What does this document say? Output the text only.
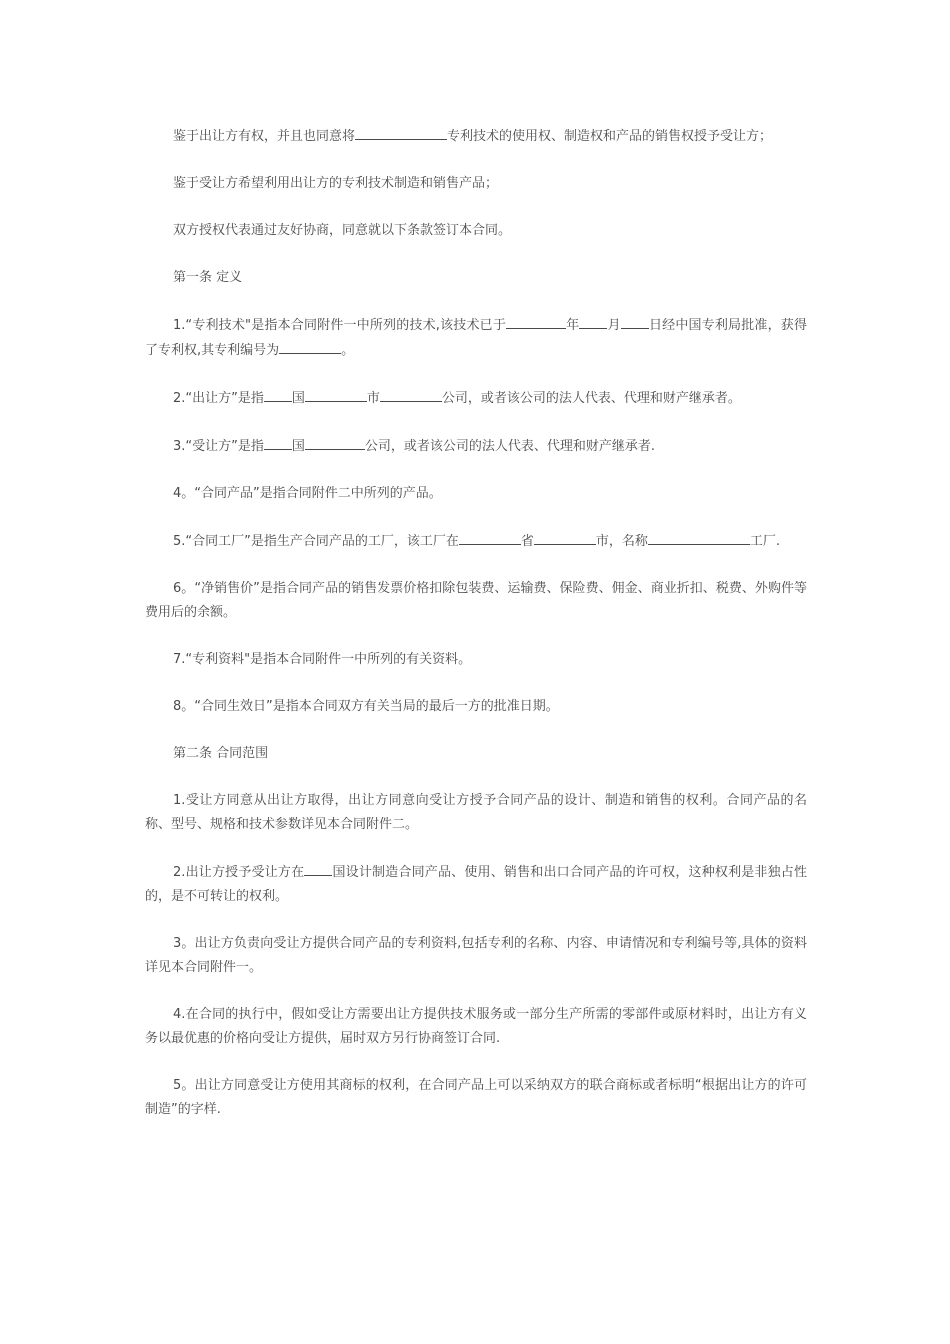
鉴于出让方有权，并且也同意将	专利技术的使用权、制造权和产品的销售权授予受让方；

鉴于受让方希望利用出让方的专利技术制造和销售产品；

双方授权代表通过友好协商，同意就以下条款签订本合同。

第一条 定义

1.“专利技术"是指本合同附件一中所列的技术,该技术已于	年 月 日经中国专利局批准，获得了专利权,其专利编号为	。

2.“出让方”是指 国	市	公司，或者该公司的法人代表、代理和财产继承者。

3.“受让方”是指 国	公司，或者该公司的法人代表、代理和财产继承者.

4。“合同产品”是指合同附件二中所列的产品。

5.“合同工厂”是指生产合同产品的工厂，该工厂在	省	市，名称	工厂.

6。“净销售价”是指合同产品的销售发票价格扣除包装费、运输费、保险费、佣金、商业折扣、税费、外购件等费用后的余额。

7.“专利资料"是指本合同附件一中所列的有关资料。

8。“合同生效日”是指本合同双方有关当局的最后一方的批准日期。

第二条 合同范围

1.受让方同意从出让方取得，出让方同意向受让方授予合同产品的设计、制造和销售的权利。合同产品的名称、型号、规格和技术参数详见本合同附件二。

2.出让方授予受让方在 国设计制造合同产品、使用、销售和出口合同产品的许可权，这种权利是非独占性的，是不可转让的权利。

3。出让方负责向受让方提供合同产品的专利资料,包括专利的名称、内容、申请情况和专利编号等,具体的资料详见本合同附件一。

4.在合同的执行中，假如受让方需要出让方提供技术服务或一部分生产所需的零部件或原材料时，出让方有义务以最优惠的价格向受让方提供，届时双方另行协商签订合同.

5。出让方同意受让方使用其商标的权利，在合同产品上可以采纳双方的联合商标或者标明“根据出让方的许可制造”的字样.
